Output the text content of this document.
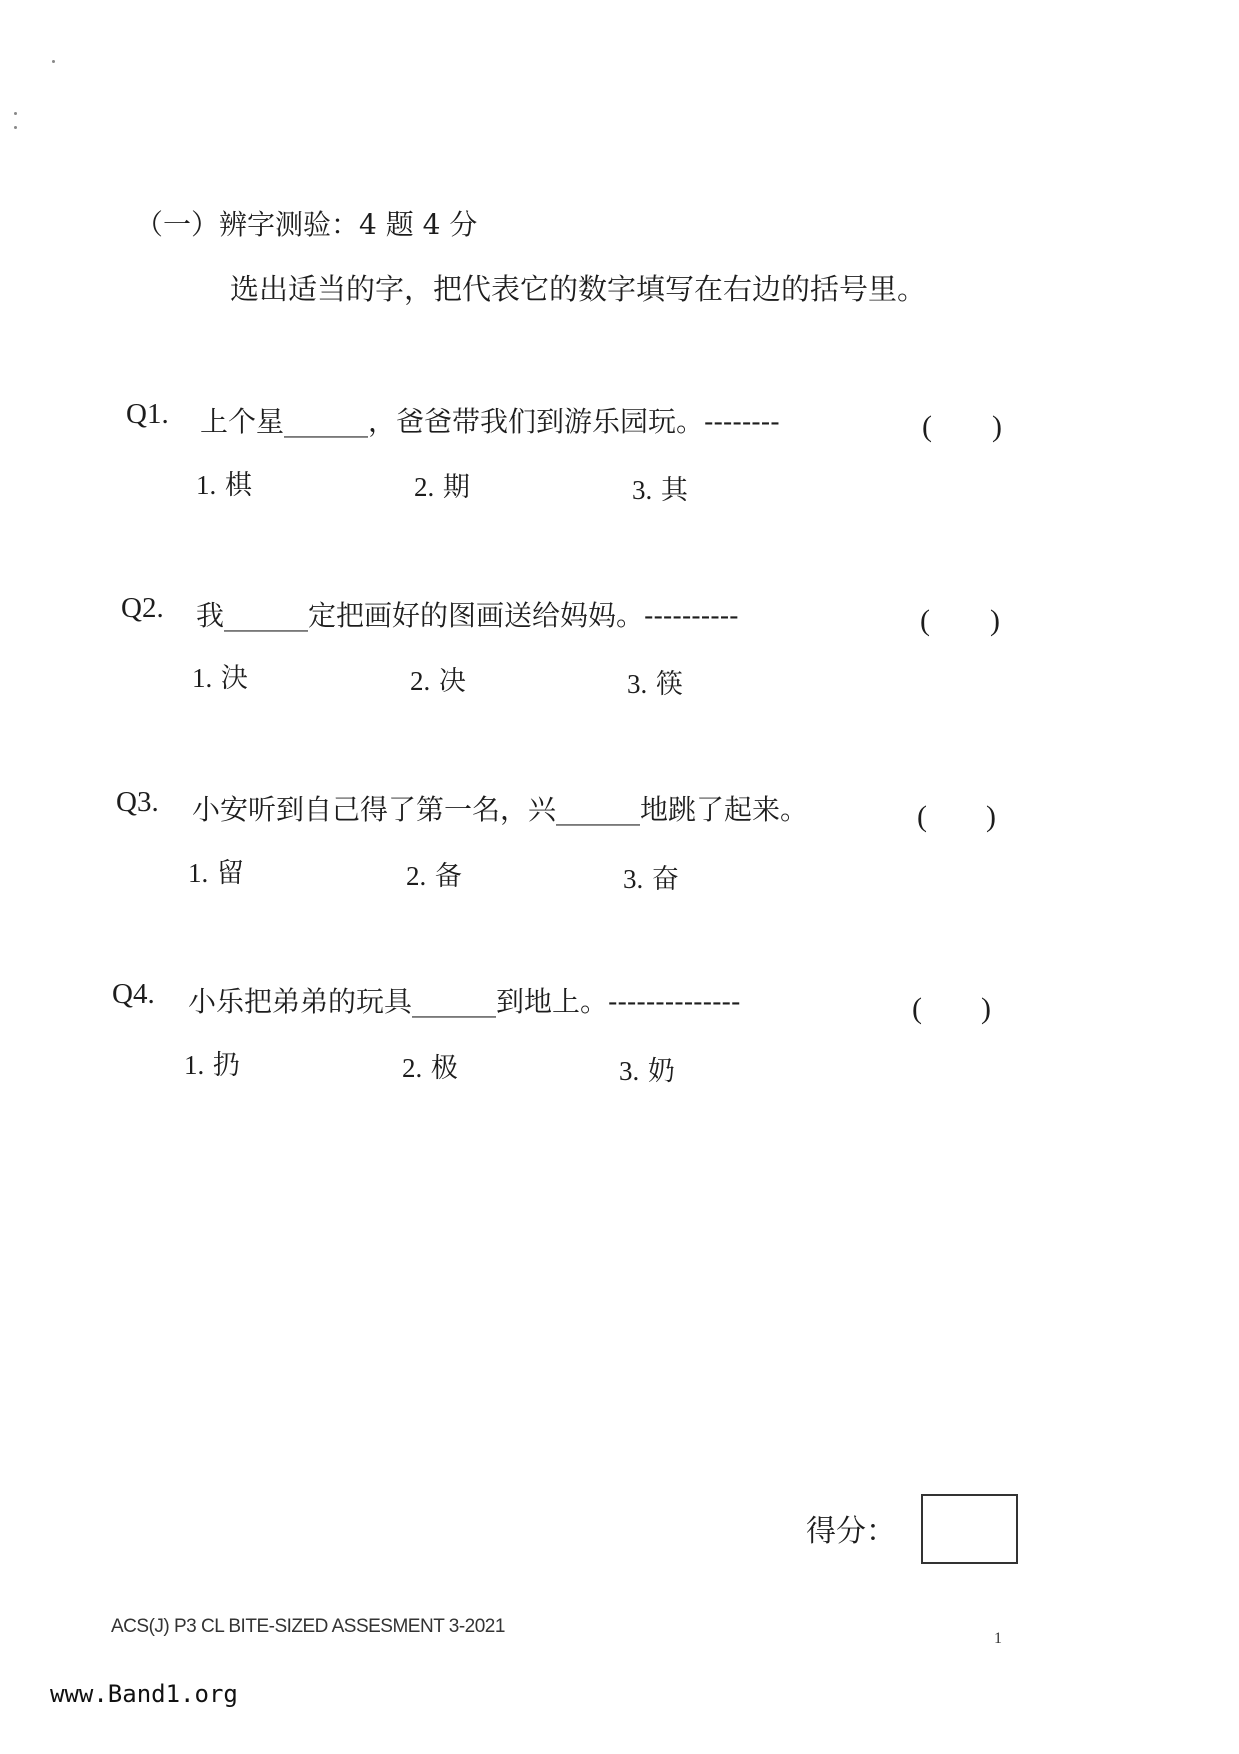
（一）辨字测验：4 题 4 分
选出适当的字，把代表它的数字填写在右边的括号里。
Q1. 上个星______，爸爸带我们到游乐园玩。--------	( )
1. 棋	2. 期	3. 其
Q2. 我______定把画好的图画送给妈妈。----------	( )
1. 決	2. 决	3. 筷
Q3. 小安听到自己得了第一名，兴______地跳了起来。	( )
1. 留	2. 备	3. 奋
Q4. 小乐把弟弟的玩具______到地上。--------------	( )
1. 扔	2. 极	3. 奶
得分：
ACS(J) P3 CL BITE-SIZED ASSESMENT 3-2021
1
www.Band1.org
